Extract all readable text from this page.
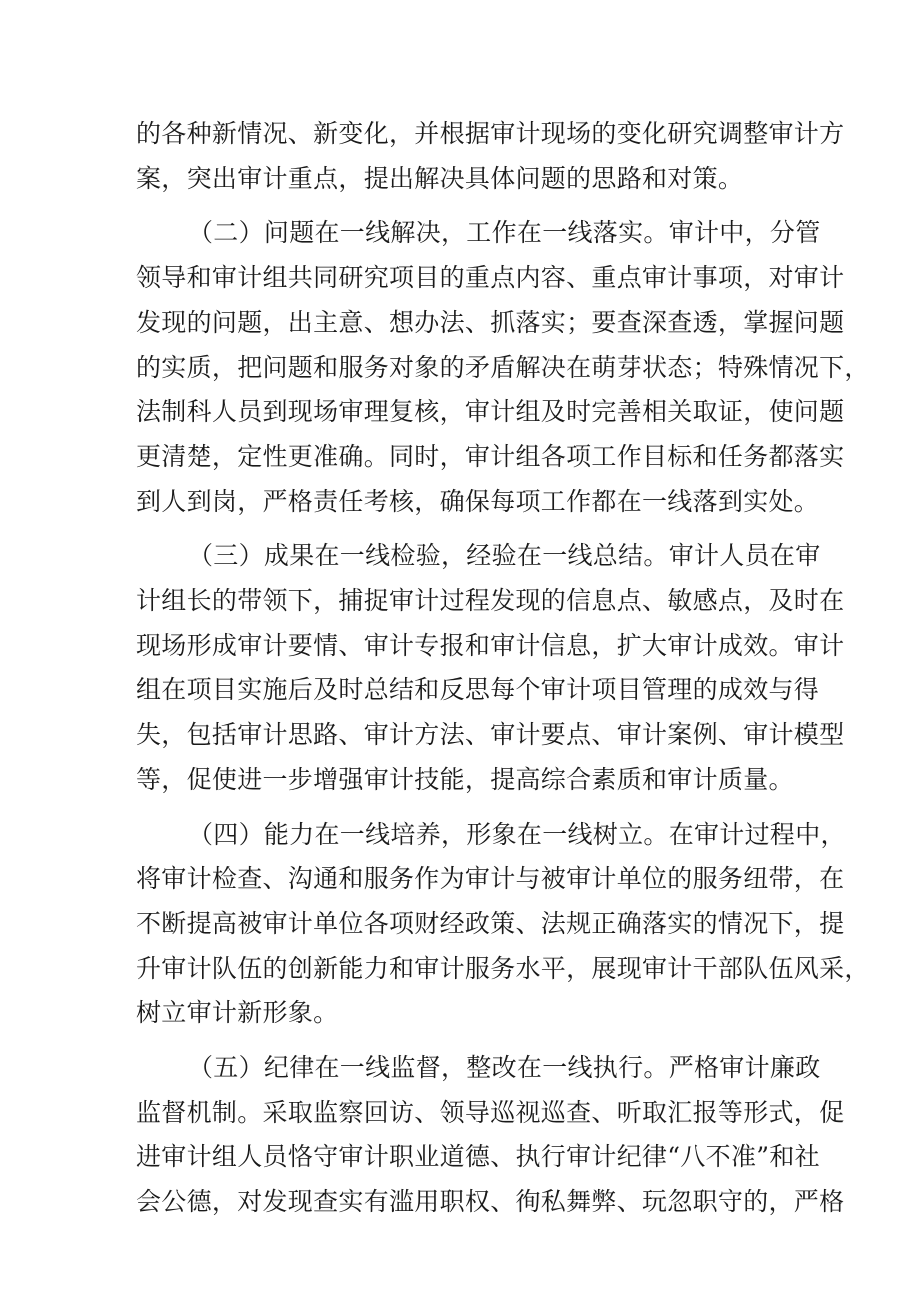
的各种新情况、新变化，并根据审计现场的变化研究调整审计方
案，突出审计重点，提出解决具体问题的思路和对策。
（二）问题在一线解决，工作在一线落实。审计中，分管
领导和审计组共同研究项目的重点内容、重点审计事项，对审计
发现的问题，出主意、想办法、抓落实；要查深查透，掌握问题
的实质，把问题和服务对象的矛盾解决在萌芽状态；特殊情况下，
法制科人员到现场审理复核，审计组及时完善相关取证，使问题
更清楚，定性更准确。同时，审计组各项工作目标和任务都落实
到人到岗，严格责任考核，确保每项工作都在一线落到实处。
（三）成果在一线检验，经验在一线总结。审计人员在审
计组长的带领下，捕捉审计过程发现的信息点、敏感点，及时在
现场形成审计要情、审计专报和审计信息，扩大审计成效。审计
组在项目实施后及时总结和反思每个审计项目管理的成效与得
失，包括审计思路、审计方法、审计要点、审计案例、审计模型
等，促使进一步增强审计技能，提高综合素质和审计质量。
（四）能力在一线培养，形象在一线树立。在审计过程中，
将审计检查、沟通和服务作为审计与被审计单位的服务纽带，在
不断提高被审计单位各项财经政策、法规正确落实的情况下，提
升审计队伍的创新能力和审计服务水平，展现审计干部队伍风采，
树立审计新形象。
（五）纪律在一线监督，整改在一线执行。严格审计廉政
监督机制。采取监察回访、领导巡视巡查、听取汇报等形式，促
进审计组人员恪守审计职业道德、执行审计纪律“八不准”和社
会公德，对发现查实有滥用职权、徇私舞弊、玩忽职守的，严格
